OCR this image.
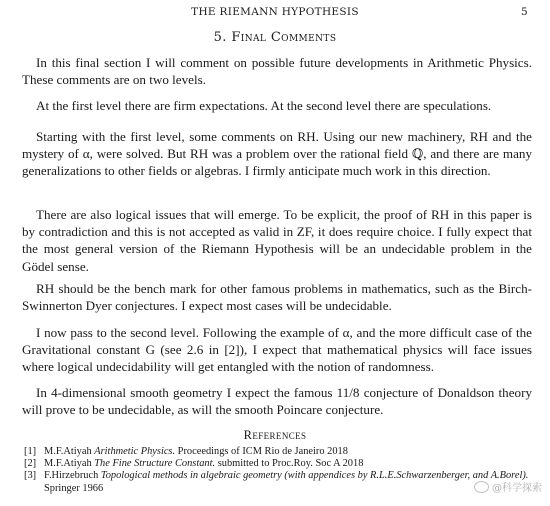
THE RIEMANN HYPOTHESIS	5
5. Final Comments

In this final section I will comment on possible future developments in Arithmetic Physics. These comments are on two levels.

At the first level there are firm expectations. At the second level there are speculations.

Starting with the first level, some comments on RH. Using our new machinery, RH and the mystery of α, were solved. But RH was a problem over the rational field ℚ, and there are many generalizations to other fields or algebras. I firmly anticipate much work in this direction.

There are also logical issues that will emerge. To be explicit, the proof of RH in this paper is by contradiction and this is not accepted as valid in ZF, it does require choice. I fully expect that the most general version of the Riemann Hypothesis will be an undecidable problem in the Gödel sense.

RH should be the bench mark for other famous problems in mathematics, such as the Birch-Swinnerton Dyer conjectures. I expect most cases will be undecidable.

I now pass to the second level. Following the example of α, and the more difficult case of the Gravitational constant G (see 2.6 in [2]), I expect that mathematical physics will face issues where logical undecidability will get entangled with the notion of randomness.

In 4-dimensional smooth geometry I expect the famous 11/8 conjecture of Donaldson theory will prove to be undecidable, as will the smooth Poincare conjecture.

References

[1] M.F.Atiyah Arithmetic Physics. Proceedings of ICM Rio de Janeiro 2018

[2] M.F.Atiyah The Fine Structure Constant. submitted to Proc.Roy. Soc A 2018

[3] F.Hirzebruch Topological methods in algebraic geometry (with appendices by R.L.E.Schwarzenberger, and A.Borel). Springer 1966	@科学探索
